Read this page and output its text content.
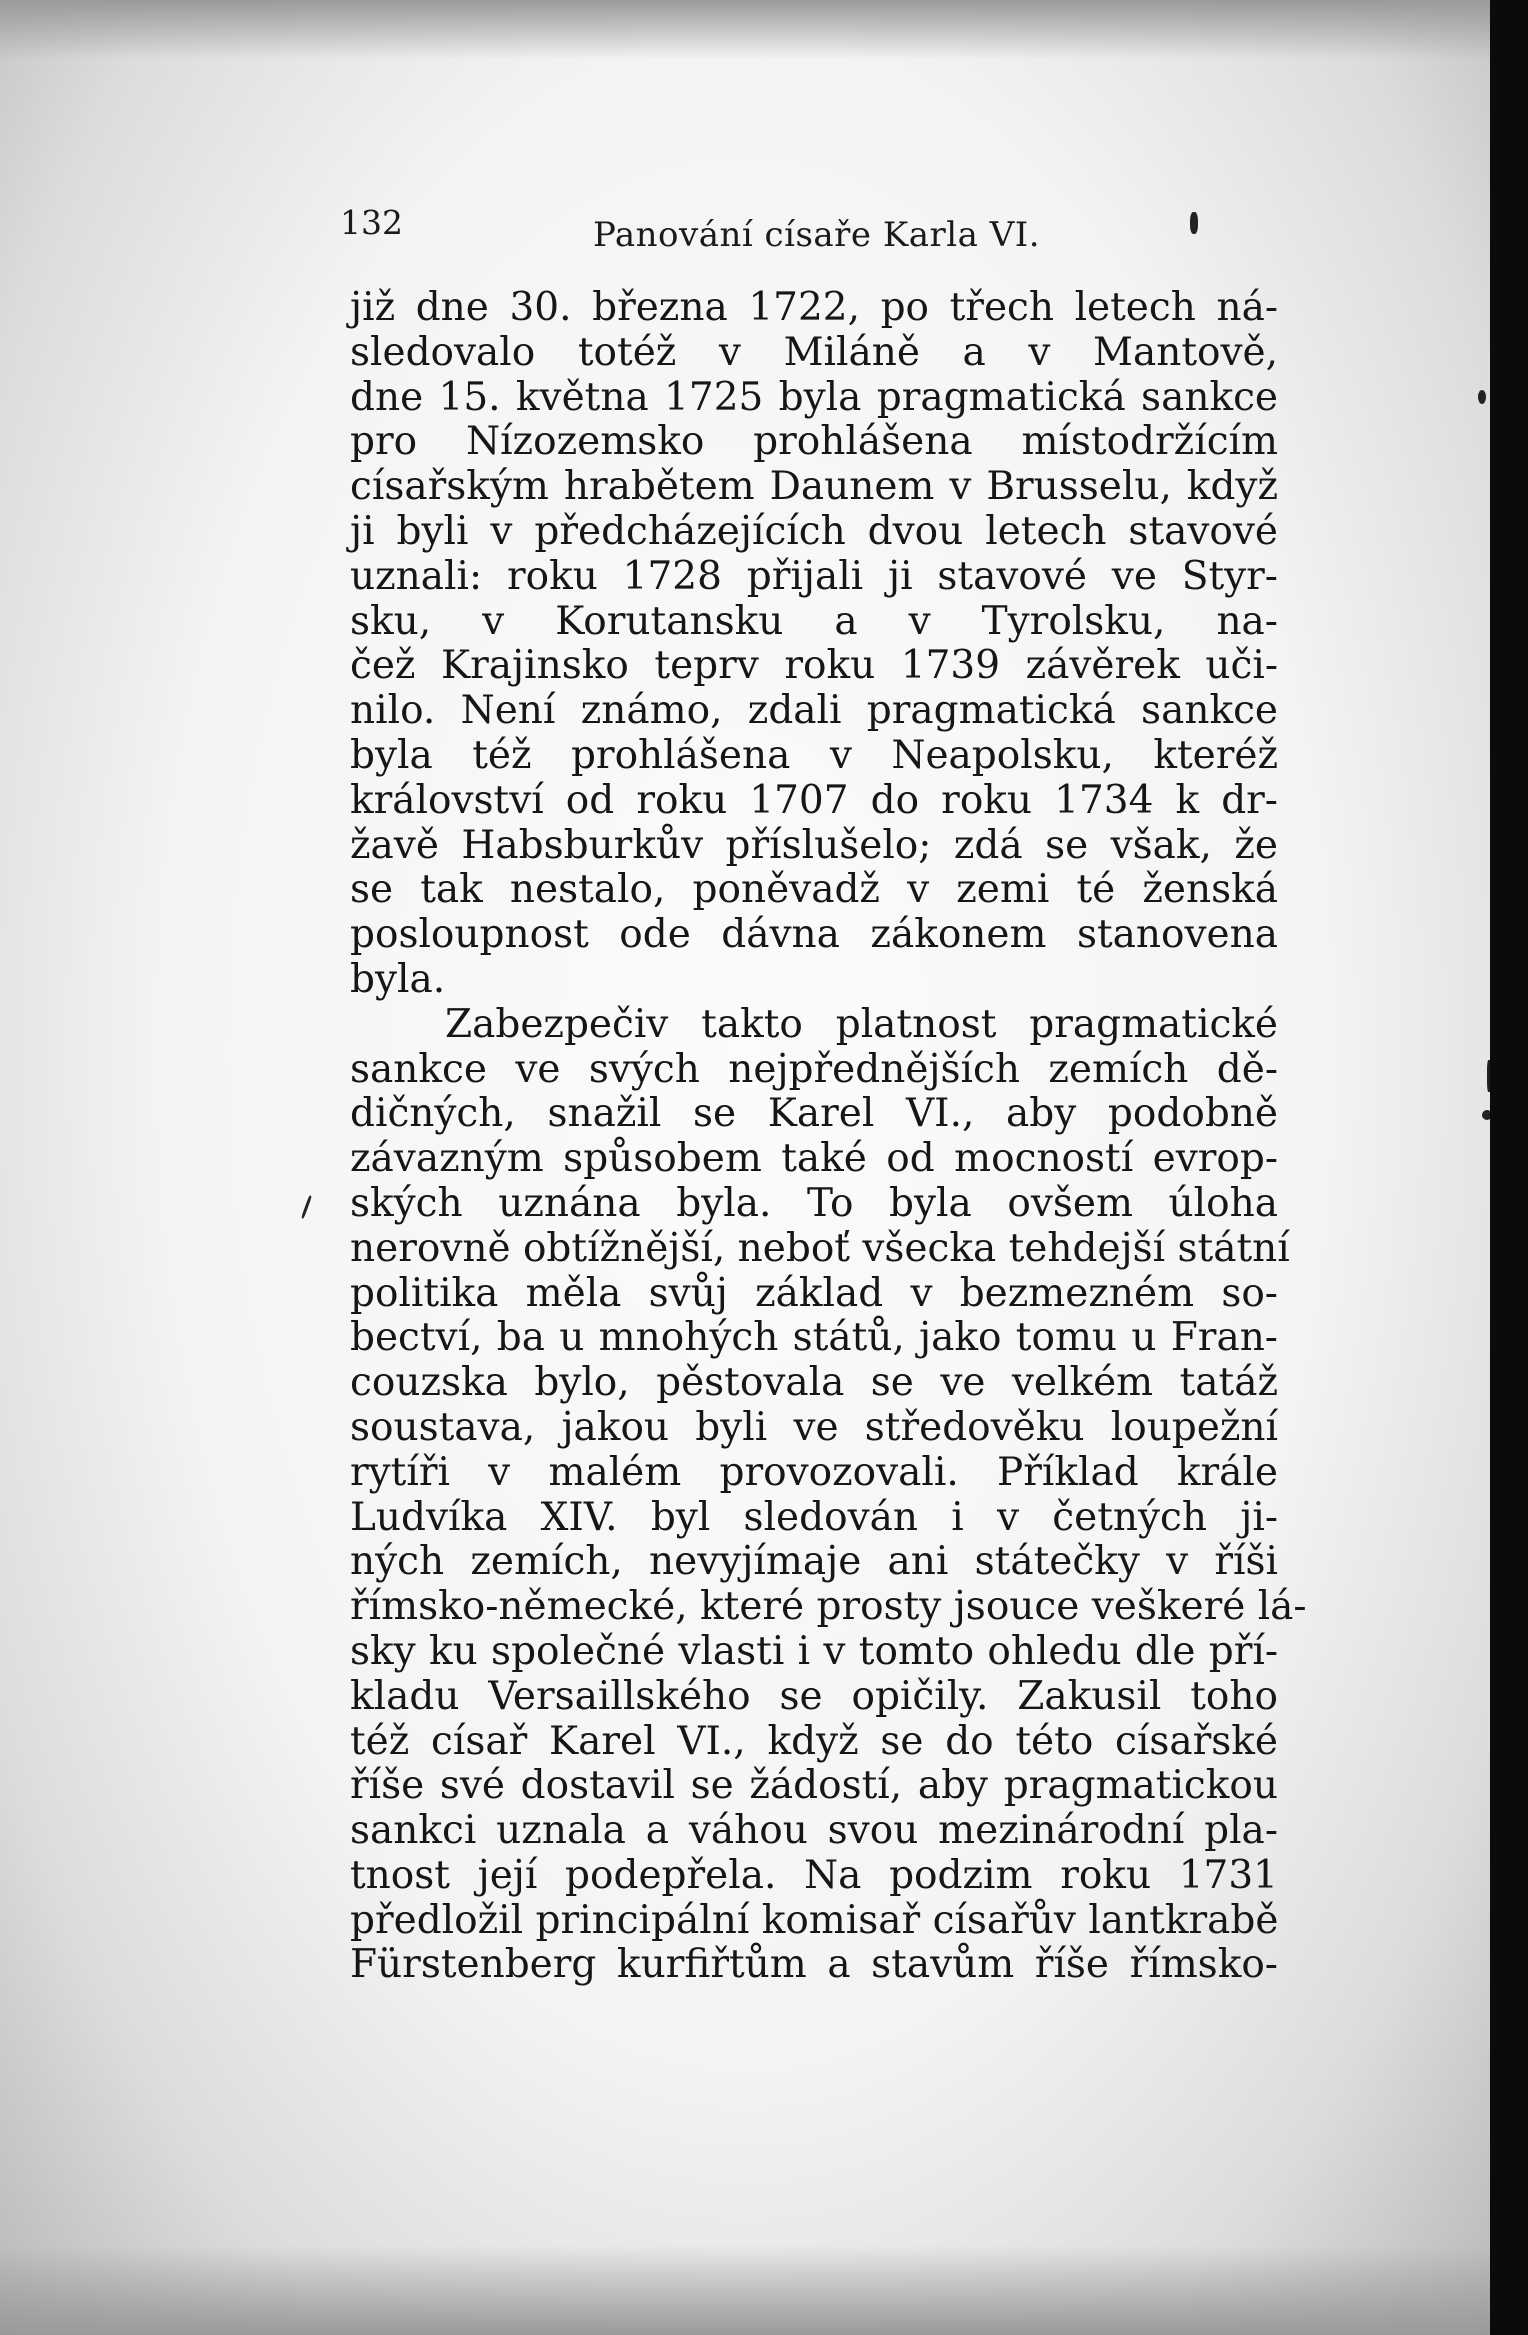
132	Panování císaře Karla VI.
již dne 30. března 1722, po třech letech ná-
sledovalo totéž v Miláně a v Mantově,
dne 15. května 1725 byla pragmatická sankce
pro Nízozemsko prohlášena místodržícím
císařským hrabětem Daunem v Brusselu, když
ji byli v předcházejících dvou letech stavové
uznali: roku 1728 přijali ji stavové ve Styr-
sku, v Korutansku a v Tyrolsku, na-
čež Krajinsko teprv roku 1739 závěrek uči-
nilo. Není známo, zdali pragmatická sankce
byla též prohlášena v Neapolsku, kteréž
království od roku 1707 do roku 1734 k dr-
žavě Habsburkův příslušelo; zdá se však, že
se tak nestalo, poněvadž v zemi té ženská
posloupnost ode dávna zákonem stanovena
byla.
Zabezpečiv takto platnost pragmatické
sankce ve svých nejpřednějších zemích dě-
dičných, snažil se Karel VI., aby podobně
závazným spůsobem také od mocností evrop-
ských uznána byla. To byla ovšem úloha
nerovně obtížnější, neboť všecka tehdejší státní
politika měla svůj základ v bezmezném so-
bectví, ba u mnohých států, jako tomu u Fran-
couzska bylo, pěstovala se ve velkém tatáž
soustava, jakou byli ve středověku loupežní
rytíři v malém provozovali. Příklad krále
Ludvíka XIV. byl sledován i v četných ji-
ných zemích, nevyjímaje ani státečky v říši
římsko-německé, které prosty jsouce veškeré lá-
sky ku společné vlasti i v tomto ohledu dle pří-
kladu Versaillského se opičily. Zakusil toho
též císař Karel VI., když se do této císařské
říše své dostavil se žádostí, aby pragmatickou
sankci uznala a váhou svou mezinárodní pla-
tnost její podepřela. Na podzim roku 1731
předložil principální komisař císařův lantkrabě
Fürstenberg kurfiřtům a stavům říše římsko-
